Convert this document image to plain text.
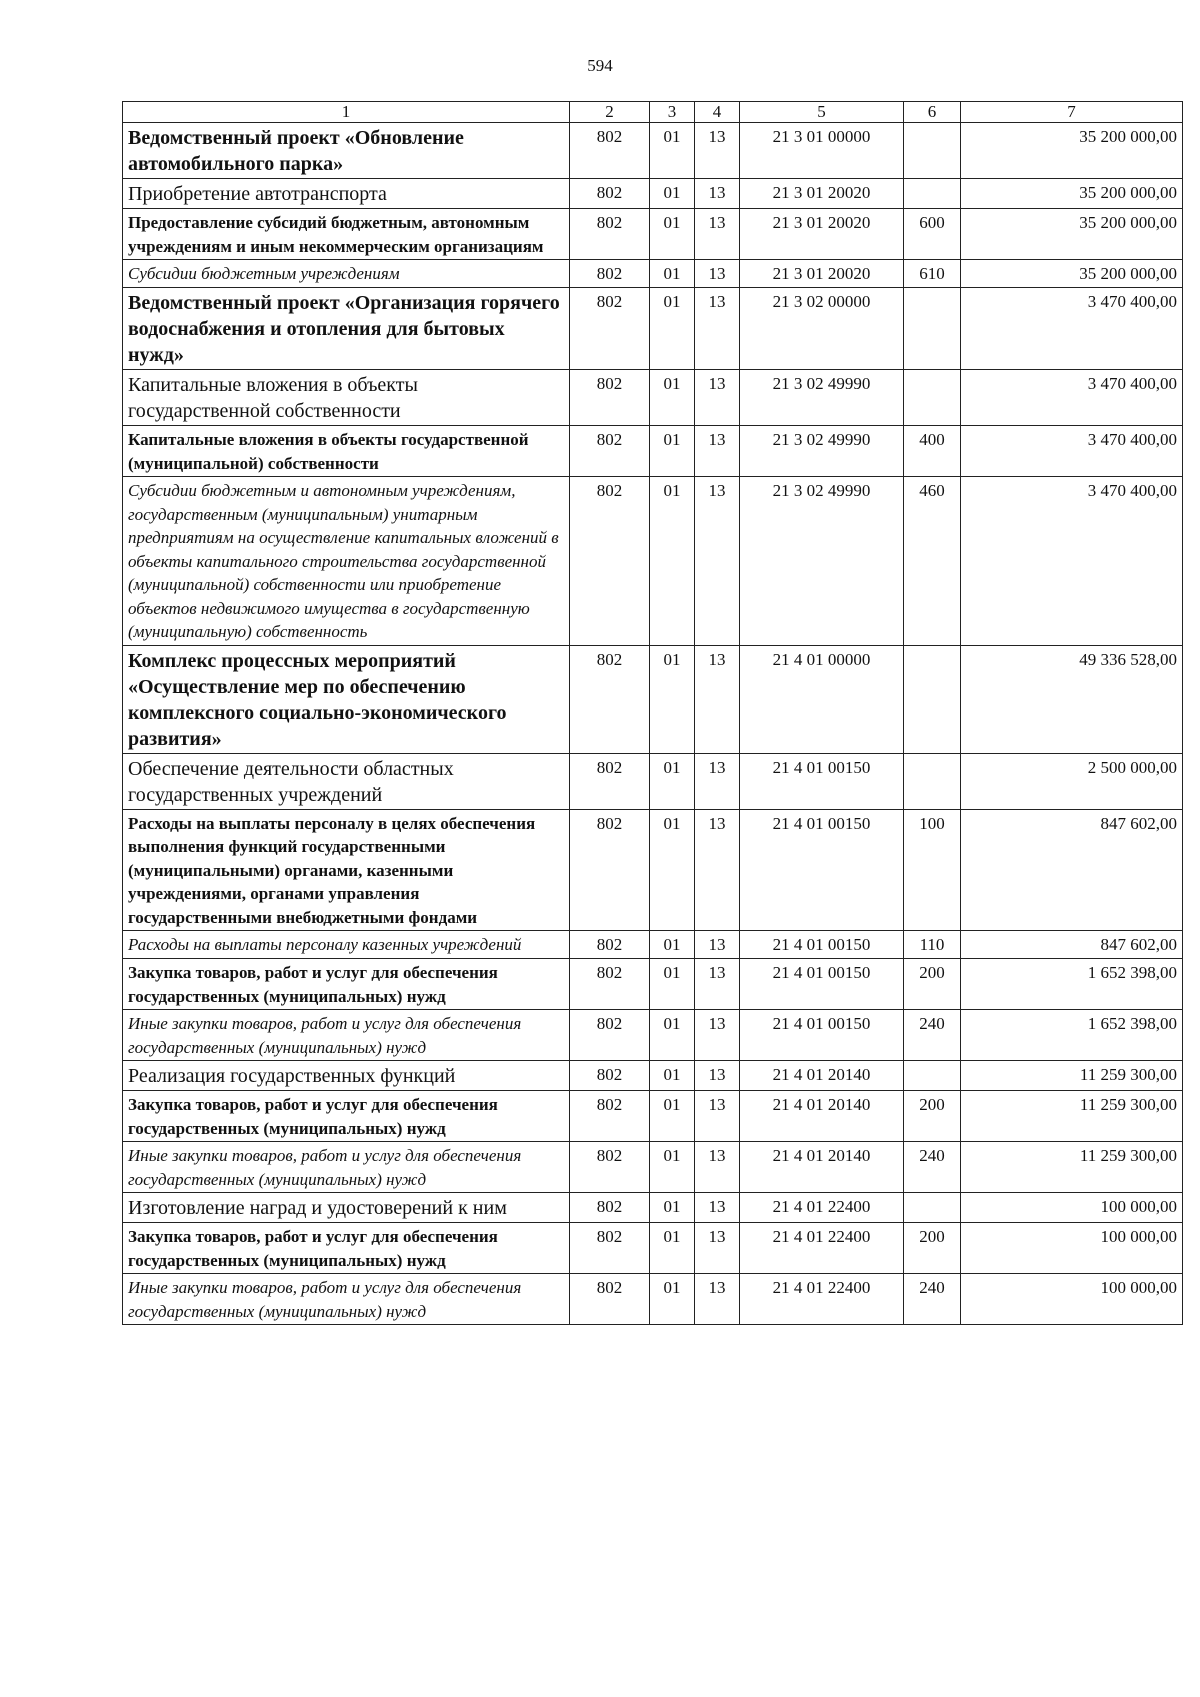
594
1	2	3	4	5	6	7
Ведомственный проект «Обновление автомобильного парка»	802	01	13	21 3 01 00000		35 200 000,00
Приобретение автотранспорта	802	01	13	21 3 01 20020		35 200 000,00
Предоставление субсидий бюджетным, автономным учреждениям и иным некоммерческим организациям	802	01	13	21 3 01 20020	600	35 200 000,00
Субсидии бюджетным учреждениям	802	01	13	21 3 01 20020	610	35 200 000,00
Ведомственный проект «Организация горячего водоснабжения и отопления для бытовых нужд»	802	01	13	21 3 02 00000		3 470 400,00
Капитальные вложения в объекты государственной собственности	802	01	13	21 3 02 49990		3 470 400,00
Капитальные вложения в объекты государственной (муниципальной) собственности	802	01	13	21 3 02 49990	400	3 470 400,00
Субсидии бюджетным и автономным учреждениям, государственным (муниципальным) унитарным предприятиям на осуществление капитальных вложений в объекты капитального строительства государственной (муниципальной) собственности или приобретение объектов недвижимого имущества в государственную (муниципальную) собственность	802	01	13	21 3 02 49990	460	3 470 400,00
Комплекс процессных мероприятий «Осуществление мер по обеспечению комплексного социально-экономического развития»	802	01	13	21 4 01 00000		49 336 528,00
Обеспечение деятельности областных государственных учреждений	802	01	13	21 4 01 00150		2 500 000,00
Расходы на выплаты персоналу в целях обеспечения выполнения функций государственными (муниципальными) органами, казенными учреждениями, органами управления государственными внебюджетными фондами	802	01	13	21 4 01 00150	100	847 602,00
Расходы на выплаты персоналу казенных учреждений	802	01	13	21 4 01 00150	110	847 602,00
Закупка товаров, работ и услуг для обеспечения государственных (муниципальных) нужд	802	01	13	21 4 01 00150	200	1 652 398,00
Иные закупки товаров, работ и услуг для обеспечения государственных (муниципальных) нужд	802	01	13	21 4 01 00150	240	1 652 398,00
Реализация государственных функций	802	01	13	21 4 01 20140		11 259 300,00
Закупка товаров, работ и услуг для обеспечения государственных (муниципальных) нужд	802	01	13	21 4 01 20140	200	11 259 300,00
Иные закупки товаров, работ и услуг для обеспечения государственных (муниципальных) нужд	802	01	13	21 4 01 20140	240	11 259 300,00
Изготовление наград и удостоверений к ним	802	01	13	21 4 01 22400		100 000,00
Закупка товаров, работ и услуг для обеспечения государственных (муниципальных) нужд	802	01	13	21 4 01 22400	200	100 000,00
Иные закупки товаров, работ и услуг для обеспечения государственных (муниципальных) нужд	802	01	13	21 4 01 22400	240	100 000,00
